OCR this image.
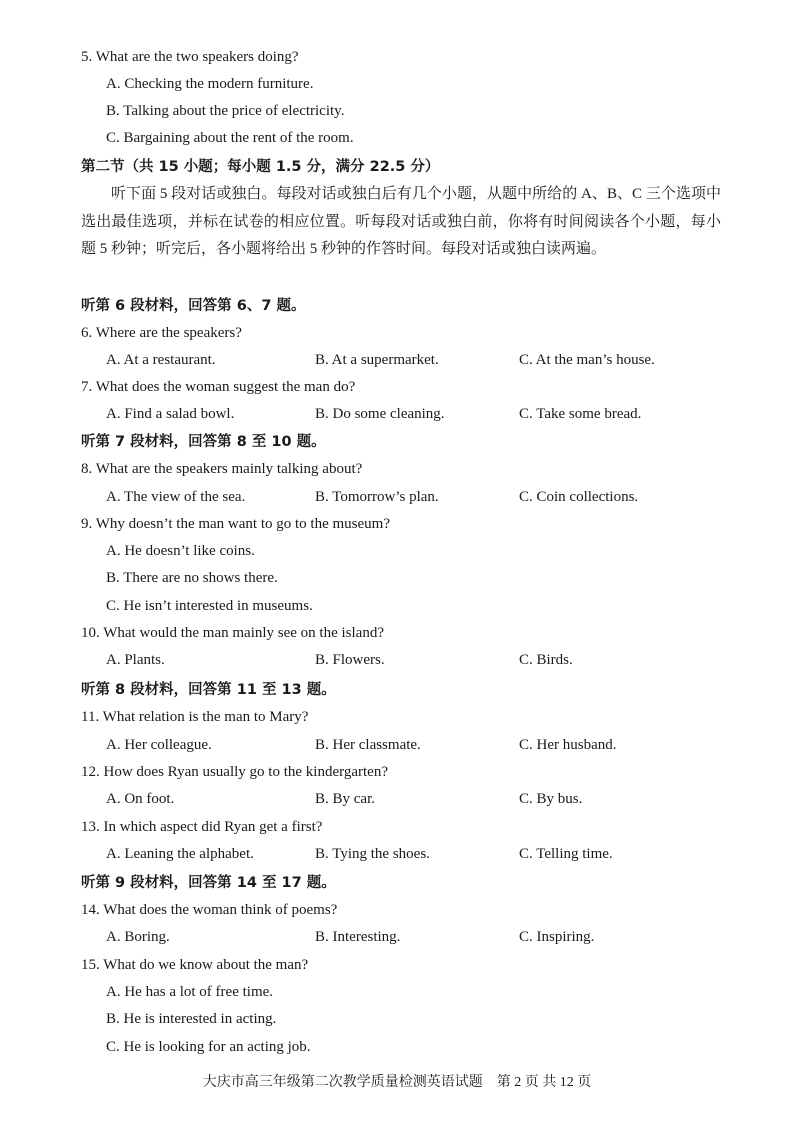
5. What are the two speakers doing?
A. Checking the modern furniture.
B. Talking about the price of electricity.
C. Bargaining about the rent of the room.
第二节（共 15 小题；每小题 1.5 分，满分 22.5 分）
听下面 5 段对话或独白。每段对话或独白后有几个小题，从题中所给的 A、B、C 三个选项中选出最佳选项，并标在试卷的相应位置。听每段对话或独白前，你将有时间阅读各个小题，每小题 5 秒钟；听完后，各小题将给出 5 秒钟的作答时间。每段对话或独白读两遍。
听第 6 段材料，回答第 6、7 题。
6. Where are the speakers?
A. At a restaurant.	B. At a supermarket.	C. At the man’s house.
7. What does the woman suggest the man do?
A. Find a salad bowl.	B. Do some cleaning.	C. Take some bread.
听第 7 段材料，回答第 8 至 10 题。
8. What are the speakers mainly talking about?
A. The view of the sea.	B. Tomorrow’s plan.	C. Coin collections.
9. Why doesn’t the man want to go to the museum?
A. He doesn’t like coins.
B. There are no shows there.
C. He isn’t interested in museums.
10. What would the man mainly see on the island?
A. Plants.	B. Flowers.	C. Birds.
听第 8 段材料，回答第 11 至 13 题。
11. What relation is the man to Mary?
A. Her colleague.	B. Her classmate.	C. Her husband.
12. How does Ryan usually go to the kindergarten?
A. On foot.	B. By car.	C. By bus.
13. In which aspect did Ryan get a first?
A. Leaning the alphabet.	B. Tying the shoes.	C. Telling time.
听第 9 段材料，回答第 14 至 17 题。
14. What does the woman think of poems?
A. Boring.	B. Interesting.	C. Inspiring.
15. What do we know about the man?
A. He has a lot of free time.
B. He is interested in acting.
C. He is looking for an acting job.
大庆市高三年级第二次教学质量检测英语试题　第 2 页 共 12 页
